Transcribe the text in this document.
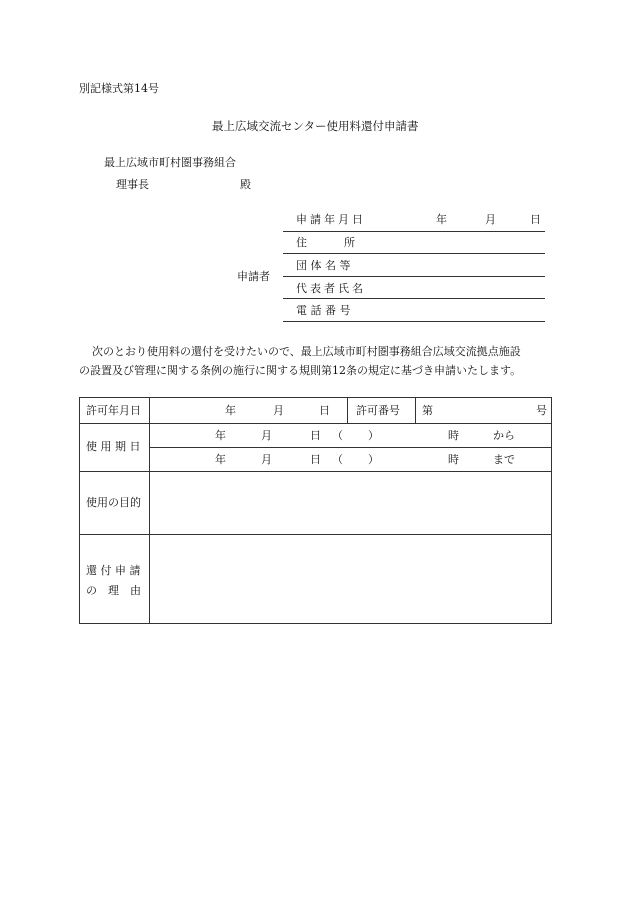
別記様式第14号
最上広域交流センター使用料還付申請書
最上広域市町村圏事務組合
理事長	殿
申請者
申請年月日	年	月	日
住　　　所
団 体 名 等
代表者氏名
電 話 番 号
次のとおり使用料の還付を受けたいので、最上広域市町村圏事務組合広域交流拠点施設
の設置及び管理に関する条例の施行に関する規則第12条の規定に基づき申請いたします。
許可年月日	年	月	日 許可番号 第	号
使 用 期 日
年	月	日 （ ）	時	から
年	月	日 （ ）	時	まで
使用の目的
還 付 申 請
の　理　由
